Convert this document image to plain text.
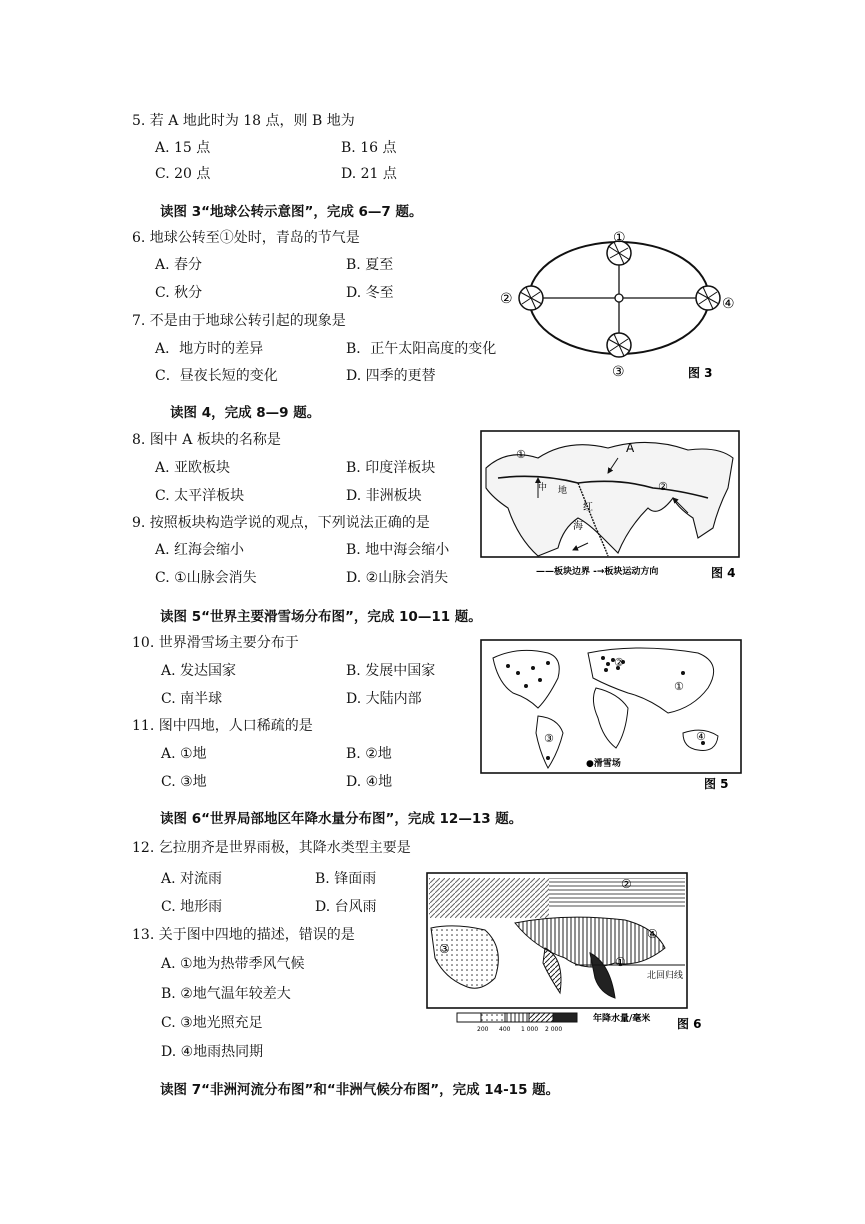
5. 若 A 地此时为 18 点，则 B 地为
A. 15 点	B. 16 点
C. 20 点	D. 21 点
读图 3“地球公转示意图”，完成 6—7 题。
6. 地球公转至①处时，青岛的节气是
A. 春分	B. 夏至
C. 秋分	D. 冬至
7. 不是由于地球公转引起的现象是
A．地方时的差异	B．正午太阳高度的变化
C．昼夜长短的变化	D. 四季的更替
①
②
③
④
图 3
读图 4，完成 8—9 题。
8. 图中 A 板块的名称是
A. 亚欧板块	B. 印度洋板块
C. 太平洋板块	D. 非洲板块
9. 按照板块构造学说的观点，下列说法正确的是
A. 红海会缩小	B. 地中海会缩小
C. ①山脉会消失	D. ②山脉会消失
A
①
②
中 地
红
海
——板块边界 -→板块运动方向	图 4
读图 5“世界主要滑雪场分布图”，完成 10—11 题。
10. 世界滑雪场主要分布于
A. 发达国家	B. 发展中国家
C. 南半球	D. 大陆内部
11. 图中四地，人口稀疏的是
A. ①地	B. ②地
C. ③地	D. ④地
②
①
③	④
●滑雪场
图 5
读图 6“世界局部地区年降水量分布图”，完成 12—13 题。
12. 乞拉朋齐是世界雨极，其降水类型主要是
A. 对流雨	B. 锋面雨
C. 地形雨	D. 台风雨
13. 关于图中四地的描述，错误的是
A. ①地为热带季风气候
B. ②地气温年较差大
C. ③地光照充足
D. ④地雨热同期
②
③
①
④
北回归线
200 400 1 000 2 000
年降水量/毫米 图 6
读图 7“非洲河流分布图”和“非洲气候分布图”，完成 14-15 题。
